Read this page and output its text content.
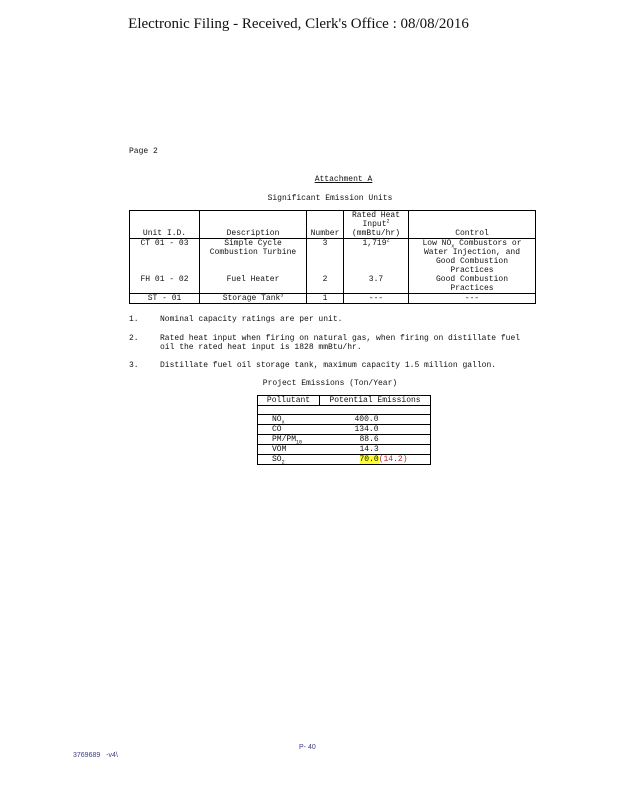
Electronic Filing - Received, Clerk's Office : 08/08/2016
Page 2
Attachment A
Significant Emission Units
Unit I.D.	Description	Number	Rated Heat
Input$^2$
(mmBtu/hr)	Control
CT 01 - 03	Simple Cycle
Combustion Turbine	3	1,719$^2$	Low $NO_x$ Combustors or
Water Injection, and
Good Combustion
Practices
FH 01 - 02	Fuel Heater	2	3.7	Good Combustion
Practices
ST - 01	Storage Tank$^3$	1	---	---
1.	Nominal capacity ratings are per unit.
2.	Rated heat input when firing on natural gas, when firing on distillate fuel oil the rated heat input is 1828 mmBtu/hr.
3.	Distillate fuel oil storage tank, maximum capacity 1.5 million gallon.
Project Emissions (Ton/Year)
Pollutant	Potential Emissions

$NO_x$	400.0
CO	134.0
$PM/PM_{10}$	88.6
VOM	14.3
$SO_2$	70.0(14.2)
P- 40
3769689 -v4\
